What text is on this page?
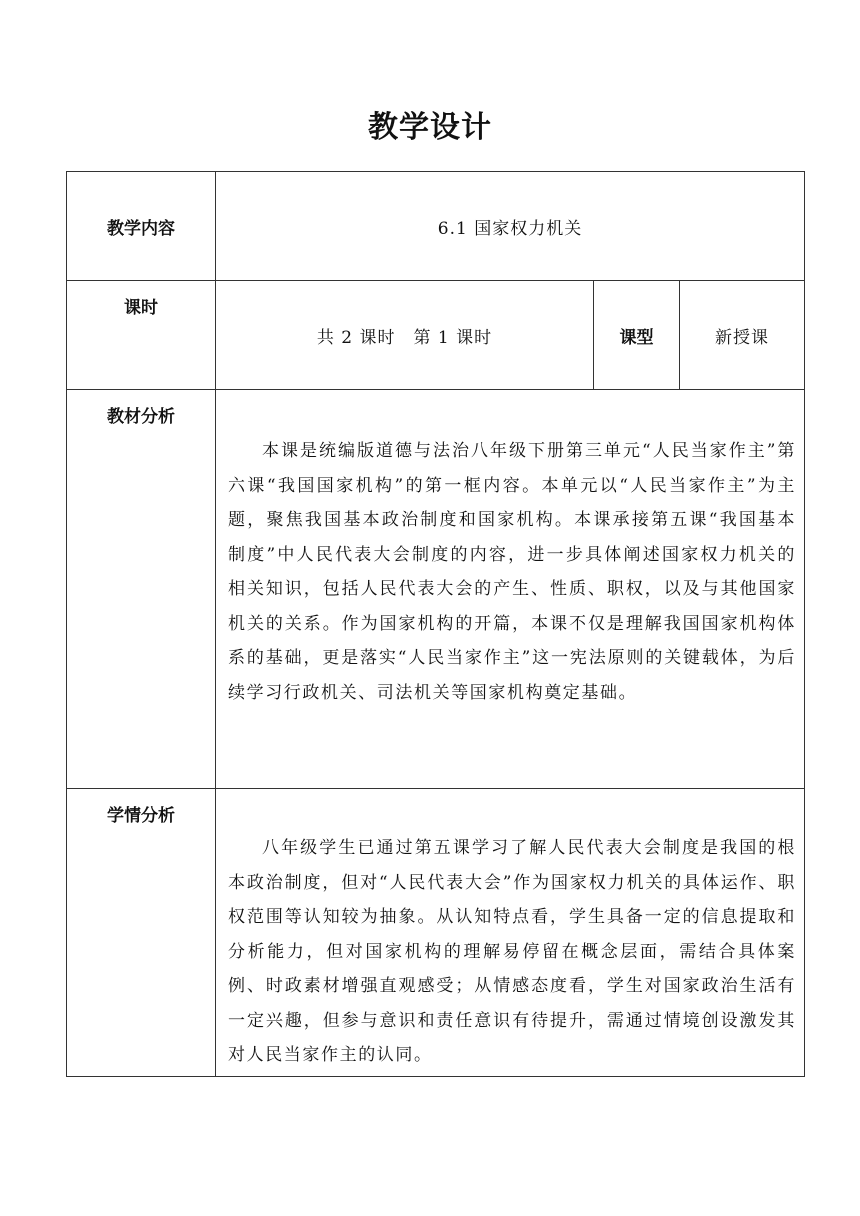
教学设计
教学内容	6.1 国家权力机关		
课时	共 2 课时　第 1 课时	课型	新授课
教材分析	本课是统编版道德与法治八年级下册第三单元“人民当家作主”第六课“我国国家机构”的第一框内容。本单元以“人民当家作主”为主题，聚焦我国基本政治制度和国家机构。本课承接第五课“我国基本制度”中人民代表大会制度的内容，进一步具体阐述国家权力机关的相关知识，包括人民代表大会的产生、性质、职权，以及与其他国家机关的关系。作为国家机构的开篇，本课不仅是理解我国国家机构体系的基础，更是落实“人民当家作主”这一宪法原则的关键载体，为后续学习行政机关、司法机关等国家机构奠定基础。		

学情分析	八年级学生已通过第五课学习了解人民代表大会制度是我国的根本政治制度，但对“人民代表大会”作为国家权力机关的具体运作、职权范围等认知较为抽象。从认知特点看，学生具备一定的信息提取和分析能力，但对国家机构的理解易停留在概念层面，需结合具体案例、时政素材增强直观感受；从情感态度看，学生对国家政治生活有一定兴趣，但参与意识和责任意识有待提升，需通过情境创设激发其对人民当家作主的认同。		
